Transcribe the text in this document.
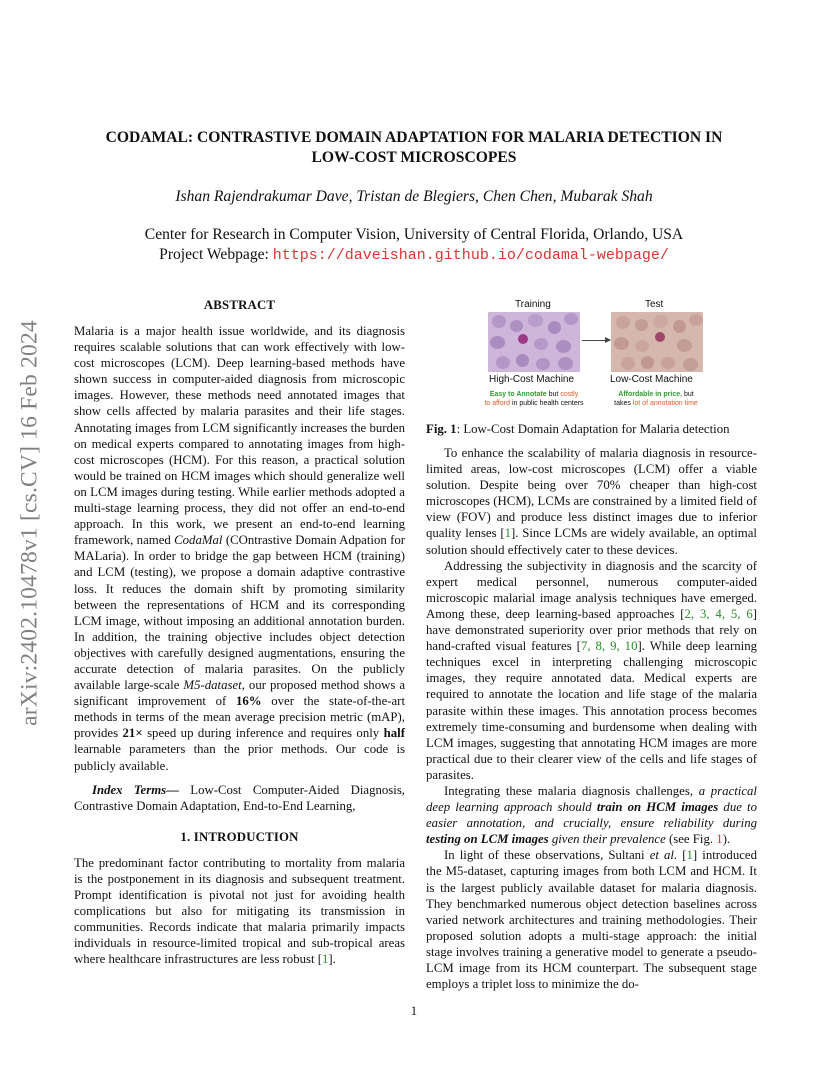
arXiv:2402.10478v1 [cs.CV] 16 Feb 2024
CODAMAL: CONTRASTIVE DOMAIN ADAPTATION FOR MALARIA DETECTION IN
LOW-COST MICROSCOPES
Ishan Rajendrakumar Dave, Tristan de Blegiers, Chen Chen, Mubarak Shah
Center for Research in Computer Vision, University of Central Florida, Orlando, USA
Project Webpage: https://daveishan.github.io/codamal-webpage/
ABSTRACT

Malaria is a major health issue worldwide, and its diagnosis requires scalable solutions that can work effectively with low-cost microscopes (LCM). Deep learning-based methods have shown success in computer-aided diagnosis from microscopic images. However, these methods need annotated images that show cells affected by malaria parasites and their life stages. Annotating images from LCM significantly increases the burden on medical experts compared to annotating images from high-cost microscopes (HCM). For this reason, a practical solution would be trained on HCM images which should generalize well on LCM images during testing. While earlier methods adopted a multi-stage learning process, they did not offer an end-to-end approach. In this work, we present an end-to-end learning framework, named CodaMal (COntrastive Domain Adpation for MALaria). In order to bridge the gap between HCM (training) and LCM (testing), we propose a domain adaptive contrastive loss. It reduces the domain shift by promoting similarity between the representations of HCM and its corresponding LCM image, without imposing an additional annotation burden. In addition, the training objective includes object detection objectives with carefully designed augmentations, ensuring the accurate detection of malaria parasites. On the publicly available large-scale M5-dataset, our proposed method shows a significant improvement of 16% over the state-of-the-art methods in terms of the mean average precision metric (mAP), provides 21× speed up during inference and requires only half learnable parameters than the prior methods. Our code is publicly available.

Index Terms— Low-Cost Computer-Aided Diagnosis, Contrastive Domain Adaptation, End-to-End Learning,

1. INTRODUCTION

The predominant factor contributing to mortality from malaria is the postponement in its diagnosis and subsequent treatment. Prompt identification is pivotal not just for avoiding health complications but also for mitigating its transmission in communities. Records indicate that malaria primarily impacts individuals in resource-limited tropical and sub-tropical areas where healthcare infrastructures are less robust [1].

Training	Test
High-Cost Machine	Low-Cost Machine
Easy to Annotate but costly
to afford in public health centers
Affordable in price, but
takes lot of annotation time
Fig. 1: Low-Cost Domain Adaptation for Malaria detection

To enhance the scalability of malaria diagnosis in resource-limited areas, low-cost microscopes (LCM) offer a viable solution. Despite being over 70% cheaper than high-cost microscopes (HCM), LCMs are constrained by a limited field of view (FOV) and produce less distinct images due to inferior quality lenses [1]. Since LCMs are widely available, an optimal solution should effectively cater to these devices.

Addressing the subjectivity in diagnosis and the scarcity of expert medical personnel, numerous computer-aided microscopic malarial image analysis techniques have emerged. Among these, deep learning-based approaches [2, 3, 4, 5, 6] have demonstrated superiority over prior methods that rely on hand-crafted visual features [7, 8, 9, 10]. While deep learning techniques excel in interpreting challenging microscopic images, they require annotated data. Medical experts are required to annotate the location and life stage of the malaria parasite within these images. This annotation process becomes extremely time-consuming and burdensome when dealing with LCM images, suggesting that annotating HCM images are more practical due to their clearer view of the cells and life stages of parasites.

Integrating these malaria diagnosis challenges, a practical deep learning approach should train on HCM images due to easier annotation, and crucially, ensure reliability during testing on LCM images given their prevalence (see Fig. 1).

In light of these observations, Sultani et al. [1] introduced the M5-dataset, capturing images from both LCM and HCM. It is the largest publicly available dataset for malaria diagnosis. They benchmarked numerous object detection baselines across varied network architectures and training methodologies. Their proposed solution adopts a multi-stage approach: the initial stage involves training a generative model to generate a pseudo-LCM image from its HCM counterpart. The subsequent stage employs a triplet loss to minimize the do-

1
